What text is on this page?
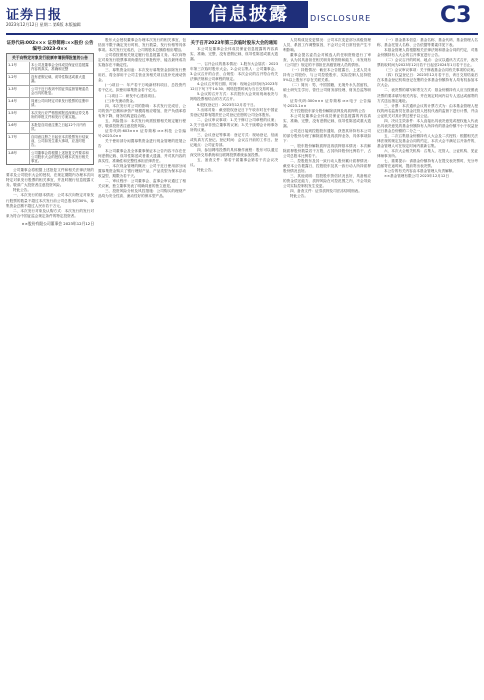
证券日报
2023年12月12日 星期二 第6版 本版编辑	信息披露	DISCLOSURE	C3
证券代码:002××× 证券简称:××股份 公告编号:2023-0××
关于向特定对象发行股票申请获得批复的公告
1-1号	本公司及董事会全体成员保证信息披露内容的真实、准确和完整
1-2号	没有虚假记载、误导性陈述或重大遗漏。
1-3号	公司于近日收到中国证券监督管理委员会出具的批复。
1-4号	同意公司向特定对象发行股票的注册申请。
1-5号	本次发行应严格按照报送深圳证券交易所的申报文件和发行方案实施。
1-6号	本批复自同意注册之日起12个月内有效。
1-7号	自同意注册之日起至本次股票发行结束前，公司如发生重大事项，应及时报告。
1-8号	公司董事会将根据上述批复文件要求和公司股东大会的授权办理本次发行相关事宜。

公司董事会将根据上述批复文件和相关法律法规的要求及公司股东大会的授权，在规定期限内办理本次向特定对象发行股票的相关事宜，并及时履行信息披露义务。敬请广大投资者注意投资风险。

特此公告。

一、本次发行的基本情况：公司本次向特定对象发行股票的数量不超过本次发行前公司总股本的30%，募集资金总额不超过人民币若干万元。

二、本次发行对象及认购方式：本次发行的发行对象为符合中国证监会规定条件的特定投资者。

××股份有限公司董事会 2023年12月12日

股东大会授权董事会办理本次发行的相关事宜，包括但不限于确定发行时机、发行数量、发行价格等具体事项。本次发行完成后，公司的股本总额将相应增加。

公司将按照相关规定履行信息披露义务。本次向特定对象发行股票事项尚需经过审批程序，能否最终成功实施存在不确定性。

三、募集资金用途：本次发行募集资金扣除发行费用后，将全部用于公司主营业务相关项目及补充流动资金。

(一)项目一：年产若干万吨新材料项目，总投资约若干亿元，拟使用募集资金若干亿元。

(二)项目二：研发中心建设项目。

(三)补充流动资金。

四、本次发行对公司的影响：本次发行完成后，公司的资产总额和净资产规模将相应增加，资产负债率将有所下降，财务结构更趋合理。

五、风险提示：本次发行尚需按照相关规定履行程序，敬请投资者注意投资风险。

证券代码:603××× 证券简称:××科技 公告编号:2023-0××

关于使用部分闲置募集资金进行现金管理的进展公告

本公司董事会及全体董事保证本公告内容不存在任何虚假记载、误导性陈述或者重大遗漏，并对其内容的真实性、准确性和完整性承担法律责任。

一、本次现金管理的概况：公司于近日使用部分闲置募集资金购买了银行理财产品，产品类型为保本浮动收益型，期限为若干天。

二、审议程序：公司董事会、监事会审议通过了相关议案，独立董事发表了明确同意的独立意见。

三、投资风险分析及风控措施：公司购买的理财产品均为安全性高、流动性好的保本型产品。

关于召开2023年第三次临时股东大会的通知

本公司及董事会全体成员保证信息披露的内容真实、准确、完整，没有虚假记载、误导性陈述或重大遗漏。

一、召开会议的基本情况：1.股东大会届次：2023年第三次临时股东大会。2.会议召集人：公司董事会。3.会议召开的合法、合规性：本次会议的召开符合有关法律法规和公司章程的规定。

4.会议召开的日期、时间：现场会议时间为2023年12月下旬下午14:30；网络投票时间为当日交易时间。

5.会议的召开方式：本次股东大会采用现场表决与网络投票相结合的方式召开。

6.股权登记日：2023年12月若干日。

7.出席对象：截至股权登记日下午收市时在中国证券登记结算有限责任公司登记在册的公司全体股东。

二、会议审议事项：1.关于修订公司章程的议案；2.关于选举非独立董事的议案；3.关于续聘会计师事务所的议案。

三、会议登记等事项：登记方式：现场登记、信函或传真方式登记。登记时间：会议召开前的工作日。登记地点：公司证券部。

四、参加网络投票的具体操作流程：股东可以通过深交所交易系统和互联网投票系统参加投票。

五、备查文件：第若干届董事会第若干次会议决议。

特此公告。

人员构成及变更情况：公司本次变更部分高级管理人员，系因工作调整原因，不会对公司日常经营产生不利影响。

董事会提名委员会对候选人的任职资格进行了审查，认为其具备担任相关职务的资格和能力，未发现有《公司法》规定的不得担任高级管理人员的情形。

（一）持股情况：截至本公告披露日，上述人员未持有公司股份，与公司控股股东、实际控制人及持股5%以上股东不存在关联关系。

（二）简历：男，中国国籍，无境外永久居留权，硕士研究生学历，曾任公司财务部经理、财务总监等职务。

证券代码:300××× 证券简称:××电子 公告编号:2023-1××

关于控股股东部分股份解除质押及再质押的公告

本公司及董事会全体成员保证信息披露的内容真实、准确、完整，没有虚假记载、误导性陈述或重大遗漏。

公司近日接到控股股东通知，获悉其所持有本公司的部分股份办理了解除质押及再质押业务，具体事项如下：

一、股东股份解除质押及再质押基本情况：本次解除质押股份数量若干万股，占其所持股份比例若干，占公司总股本比例若干。

二、控股股东及其一致行动人股份累计质押情况：截至本公告披露日，控股股东及其一致行动人所持质押股份情况良好。

三、其他说明：控股股东资信状况良好，具备相应的资金偿还能力，质押风险在可控范围之内，不会导致公司实际控制权发生变更。

四、备查文件：证券质押及司法冻结明细表。

特此公告。

（一）基金基本信息：基金名称、基金代码、基金管理人名称、基金托管人名称、公告依据等要素详见下表。

本基金管理人将根据相关法律法规和基金合同的约定，对基金份额持有人大会的召开事宜进行公告。

（二）会议召开的时间、地点：会议以通讯方式召开，表决票收取时间为2023年12月若干日起至2024年1月若干日止。

（三）会议审议事项：关于修改基金合同有关事项的议案。

（四）权益登记日：2023年12月若干日，该日交易结束后在本基金登记机构登记在册的全体基金份额持有人均有权参加本次大会。

二、表决票的填写和寄交方式：基金份额持有人应当按照表决票的要求填写相关内容，并在规定时间内以专人送达或邮寄的方式送达指定地址。

三、计票：本次通讯会议的计票方式为：由本基金管理人授权的两名监督员在基金托管人授权代表的监督下进行计票，并由公证机关对其计票过程予以公证。

四、决议生效条件：本人直接出具表决意见或授权他人代表出具表决意见的基金份额持有人所持有的基金份额不小于权益登记日基金总份额的二分之一。

五、二次召集基金份额持有人大会及二次授权：根据相关法律法规的规定及基金合同的约定，本次大会不满足召开条件的，基金管理人可在规定时间内重新召集。

六、本次大会相关机构：召集人、托管人、公证机构、见证律师事务所。

七、重要提示：请基金份额持有人在提交表决票时，充分考虑邮寄在途时间，提前寄出表决票。

本公告的有关内容由本基金管理人负责解释。

××基金管理有限公司 2023年12月12日
